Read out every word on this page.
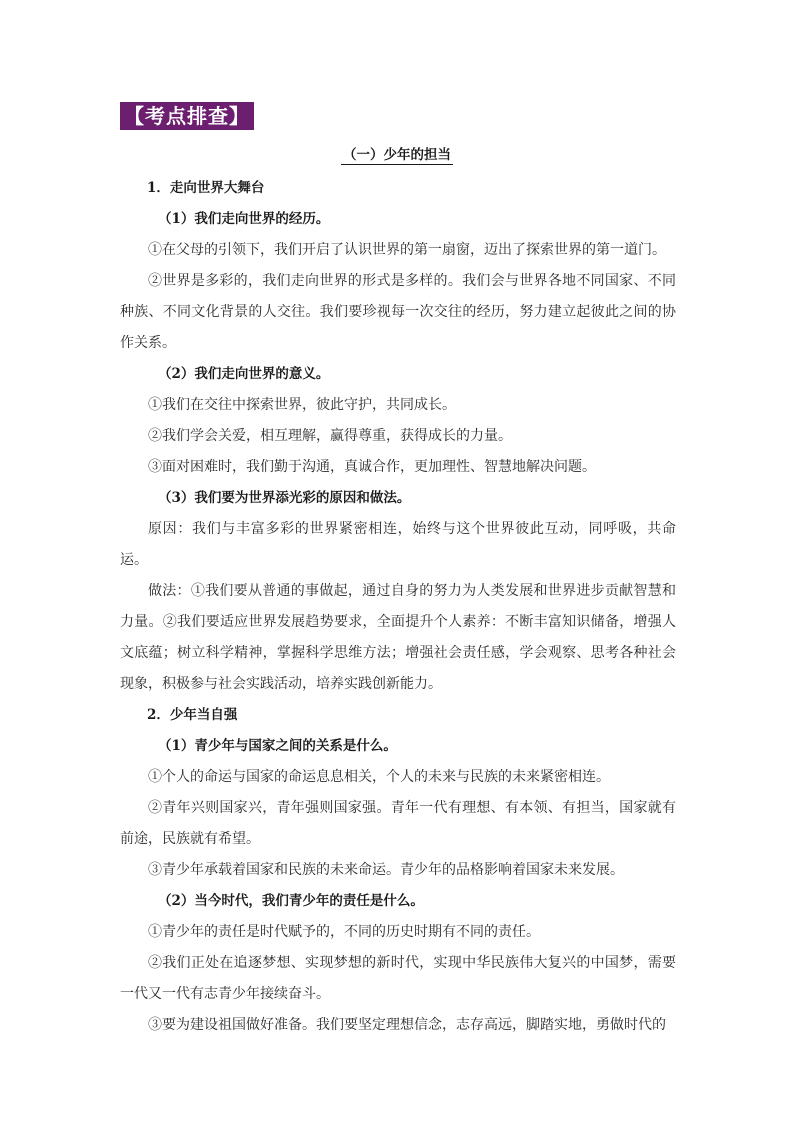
【考点排查】
（一）少年的担当

1．走向世界大舞台

（1）我们走向世界的经历。

①在父母的引领下，我们开启了认识世界的第一扇窗，迈出了探索世界的第一道门。

②世界是多彩的，我们走向世界的形式是多样的。我们会与世界各地不同国家、不同种族、不同文化背景的人交往。我们要珍视每一次交往的经历，努力建立起彼此之间的协作关系。

（2）我们走向世界的意义。

①我们在交往中探索世界，彼此守护，共同成长。

②我们学会关爱，相互理解，赢得尊重，获得成长的力量。

③面对困难时，我们勤于沟通，真诚合作，更加理性、智慧地解决问题。

（3）我们要为世界添光彩的原因和做法。

原因：我们与丰富多彩的世界紧密相连，始终与这个世界彼此互动，同呼吸，共命运。

做法：①我们要从普通的事做起，通过自身的努力为人类发展和世界进步贡献智慧和力量。②我们要适应世界发展趋势要求，全面提升个人素养：不断丰富知识储备，增强人文底蕴；树立科学精神，掌握科学思维方法；增强社会责任感，学会观察、思考各种社会现象，积极参与社会实践活动，培养实践创新能力。

2．少年当自强

（1）青少年与国家之间的关系是什么。

①个人的命运与国家的命运息息相关，个人的未来与民族的未来紧密相连。

②青年兴则国家兴，青年强则国家强。青年一代有理想、有本领、有担当，国家就有前途，民族就有希望。

③青少年承载着国家和民族的未来命运。青少年的品格影响着国家未来发展。

（2）当今时代，我们青少年的责任是什么。

①青少年的责任是时代赋予的，不同的历史时期有不同的责任。

②我们正处在追逐梦想、实现梦想的新时代，实现中华民族伟大复兴的中国梦，需要一代又一代有志青少年接续奋斗。

③要为建设祖国做好准备。我们要坚定理想信念，志存高远，脚踏实地，勇做时代的
